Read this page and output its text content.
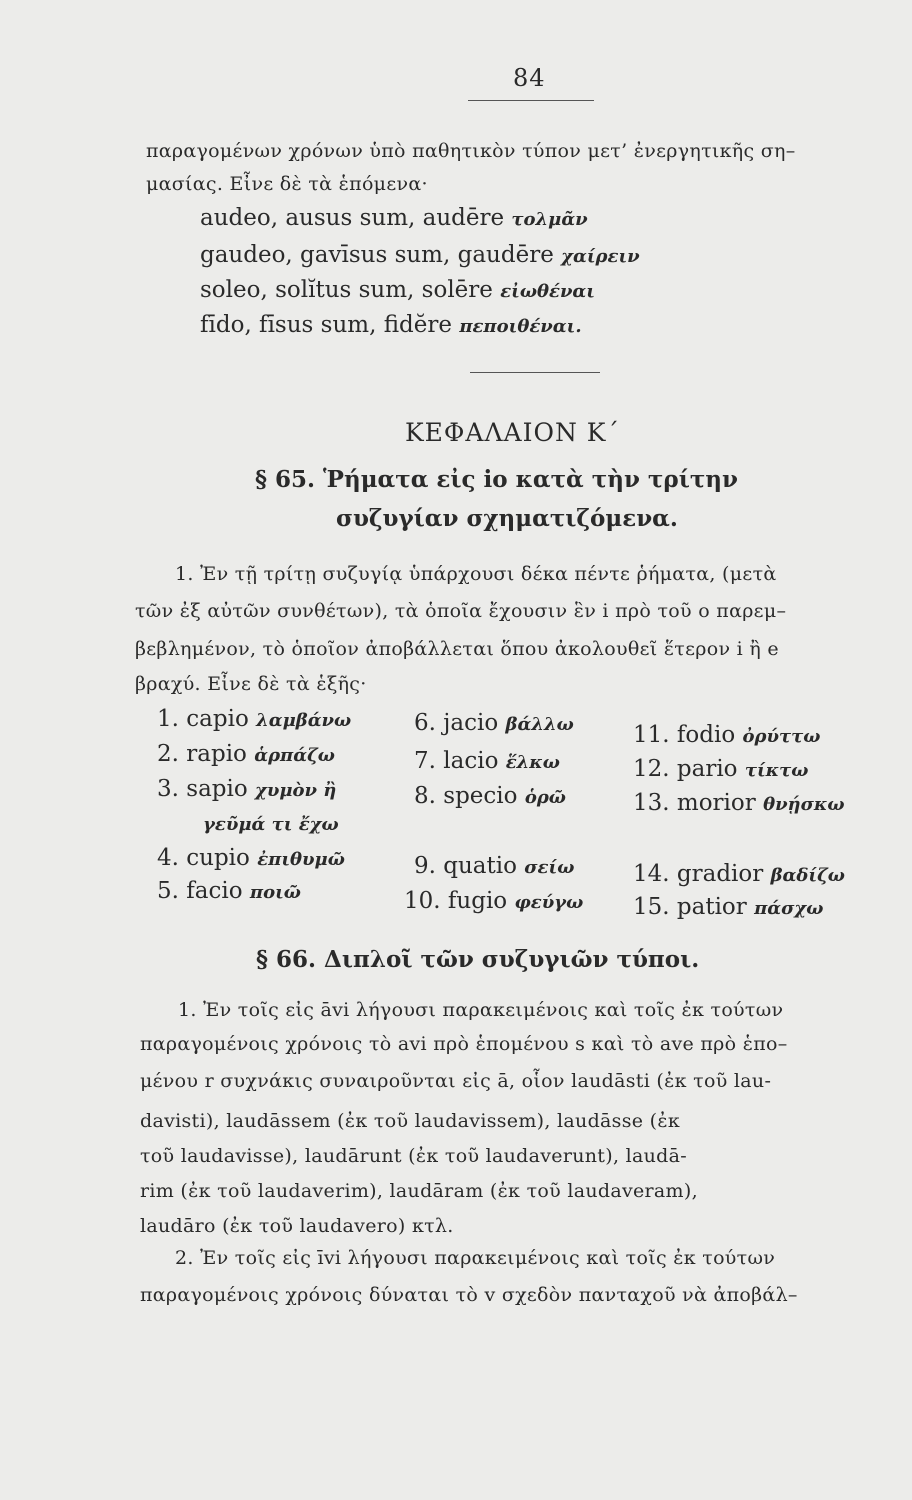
84
παραγομένων χρόνων ὑπὸ παθητικὸν τύπον μετ’ ἐνεργητικῆς ση–
μασίας. Εἶνε δὲ τὰ ἑπόμενα·
audeo, ausus sum, audēre τολμᾶν
gaudeo, gavīsus sum, gaudēre χαίρειν
soleo, solĭtus sum, solēre εἰωθέναι
fīdo, fīsus sum, fidĕre πεποιθέναι.
ΚΕΦΑΛΑΙΟΝ Κ΄
§ 65. Ῥήματα εἰς io κατὰ τὴν τρίτην
συζυγίαν σχηματιζόμενα.
1. Ἐν τῇ τρίτῃ συζυγίᾳ ὑπάρχουσι δέκα πέντε ῥήματα, (μετὰ
τῶν ἐξ αὐτῶν συνθέτων), τὰ ὁποῖα ἔχουσιν ἓν i πρὸ τοῦ o παρεμ–
βεβλημένον, τὸ ὁποῖον ἀποβάλλεται ὅπου ἀκολουθεῖ ἕτερον i ἢ e
βραχύ. Εἶνε δὲ τὰ ἑξῆς·
1. capio λαμβάνω
2. rapio ἁρπάζω
3. sapio χυμὸν ἢ
γεῦμά τι ἔχω
4. cupio ἐπιθυμῶ
5. facio ποιῶ
6. jacio βάλλω
7. lacio ἕλκω
8. specio ὁρῶ
9. quatio σείω
10. fugio φεύγω
11. fodio ὀρύττω
12. pario τίκτω
13. morior θνῄσκω
14. gradior βαδίζω
15. patior πάσχω
§ 66. Διπλοῖ τῶν συζυγιῶν τύποι.
1. Ἐν τοῖς εἰς āvi λήγουσι παρακειμένοις καὶ τοῖς ἐκ τούτων
παραγομένοις χρόνοις τὸ avi πρὸ ἑπομένου s καὶ τὸ ave πρὸ ἑπο–
μένου r συχνάκις συναιροῦνται εἰς ā, οἷον laudāsti (ἐκ τοῦ lau-
davisti), laudāssem (ἐκ τοῦ laudavissem), laudāsse (ἐκ
τοῦ laudavisse), laudārunt (ἐκ τοῦ laudaverunt), laudā-
rim (ἐκ τοῦ laudaverim), laudāram (ἐκ τοῦ laudaveram),
laudāro (ἐκ τοῦ laudavero) κτλ.
2. Ἐν τοῖς εἰς īvi λήγουσι παρακειμένοις καὶ τοῖς ἐκ τούτων
παραγομένοις χρόνοις δύναται τὸ v σχεδὸν πανταχοῦ νὰ ἀποβάλ–
